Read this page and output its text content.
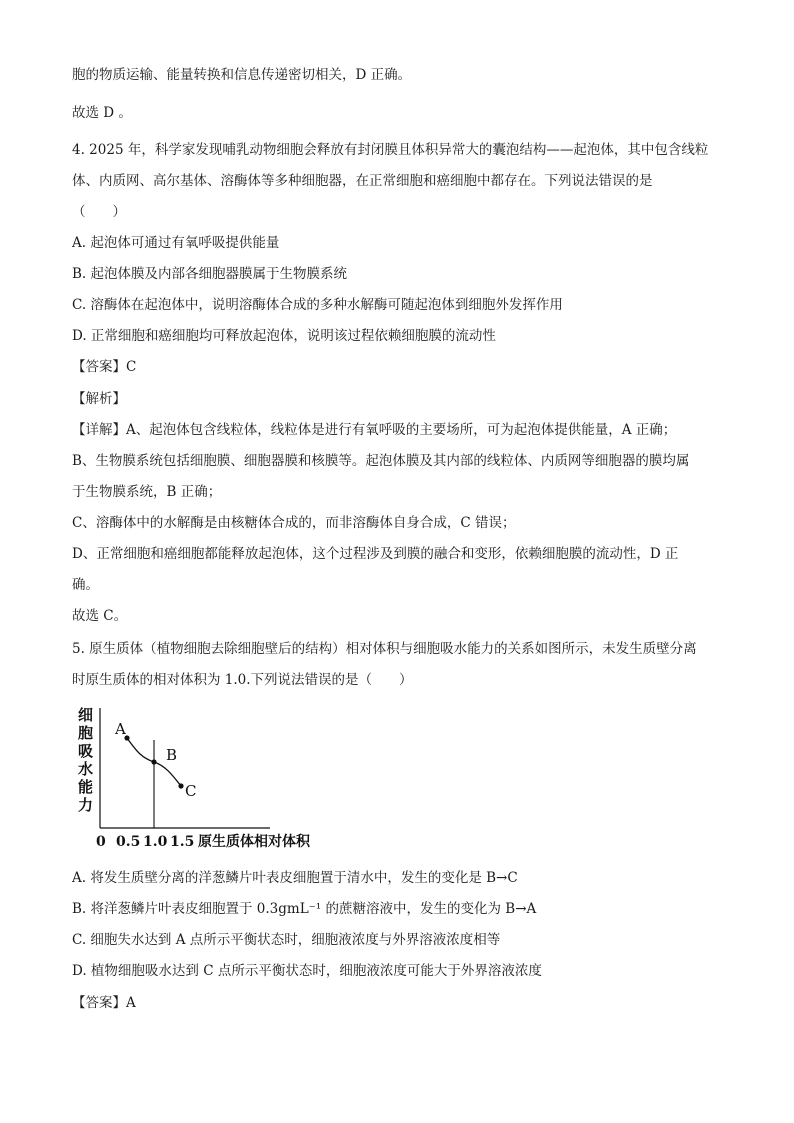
胞的物质运输、能量转换和信息传递密切相关，D 正确。
故选 D 。
4. 2025 年，科学家发现哺乳动物细胞会释放有封闭膜且体积异常大的囊泡结构——起泡体，其中包含线粒
体、内质网、高尔基体、溶酶体等多种细胞器，在正常细胞和癌细胞中都存在。下列说法错误的是
（　　）
A. 起泡体可通过有氧呼吸提供能量
B. 起泡体膜及内部各细胞器膜属于生物膜系统
C. 溶酶体在起泡体中，说明溶酶体合成的多种水解酶可随起泡体到细胞外发挥作用
D. 正常细胞和癌细胞均可释放起泡体，说明该过程依赖细胞膜的流动性
【答案】C
【解析】
【详解】A、起泡体包含线粒体，线粒体是进行有氧呼吸的主要场所，可为起泡体提供能量，A 正确；
B、生物膜系统包括细胞膜、细胞器膜和核膜等。起泡体膜及其内部的线粒体、内质网等细胞器的膜均属
于生物膜系统，B 正确；
C、溶酶体中的水解酶是由核糖体合成的，而非溶酶体自身合成，C 错误；
D、正常细胞和癌细胞都能释放起泡体，这个过程涉及到膜的融合和变形，依赖细胞膜的流动性，D 正
确。
故选 C。
5. 原生质体（植物细胞去除细胞壁后的结构）相对体积与细胞吸水能力的关系如图所示，未发生质壁分离
时原生质体的相对体积为 1.0.下列说法错误的是（　　）
细
胞
吸
水
能
力
A
B
C
0 0.5 1.0 1.5 原生质体相对体积
A. 将发生质壁分离的洋葱鳞片叶表皮细胞置于清水中，发生的变化是 B→C
B. 将洋葱鳞片叶表皮细胞置于 0.3gmL⁻¹ 的蔗糖溶液中，发生的变化为 B→A
C. 细胞失水达到 A 点所示平衡状态时，细胞液浓度与外界溶液浓度相等
D. 植物细胞吸水达到 C 点所示平衡状态时，细胞液浓度可能大于外界溶液浓度
【答案】A
